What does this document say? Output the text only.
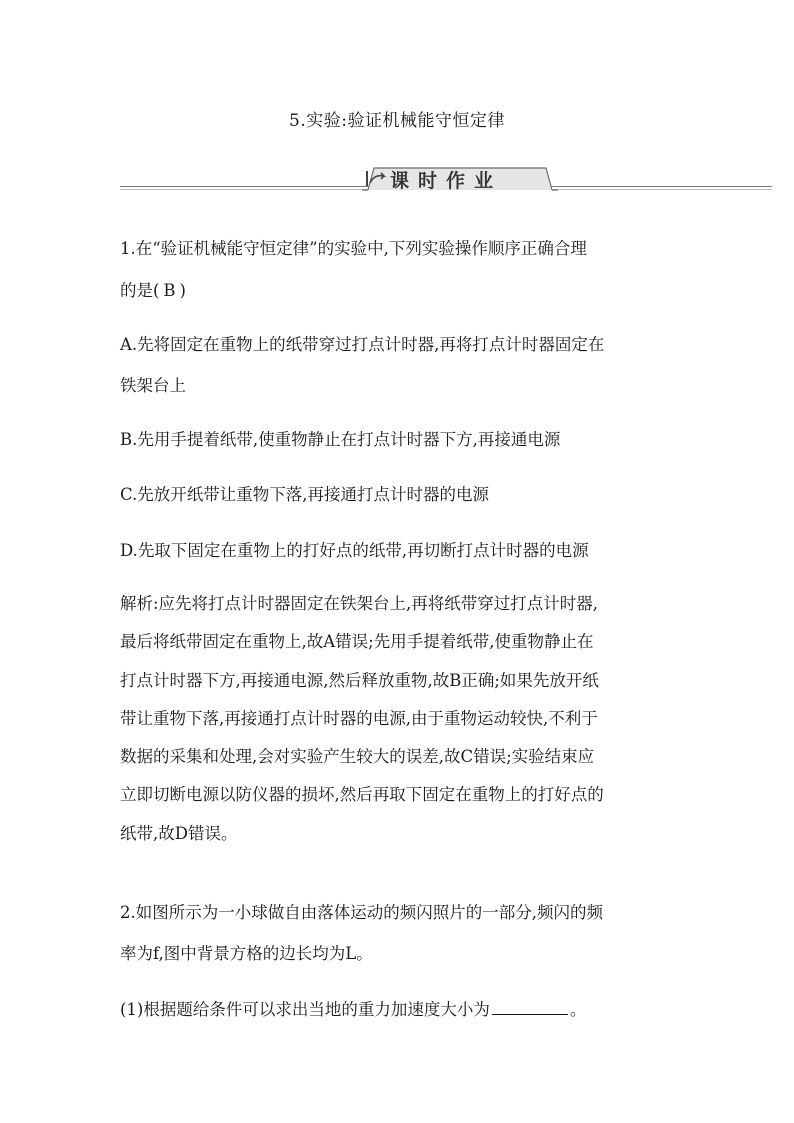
5.实验:验证机械能守恒定律
课时作业
1.在“验证机械能守恒定律”的实验中,下列实验操作顺序正确合理
的是( B )
A.先将固定在重物上的纸带穿过打点计时器,再将打点计时器固定在
铁架台上
B.先用手提着纸带,使重物静止在打点计时器下方,再接通电源
C.先放开纸带让重物下落,再接通打点计时器的电源
D.先取下固定在重物上的打好点的纸带,再切断打点计时器的电源
解析:应先将打点计时器固定在铁架台上,再将纸带穿过打点计时器,
最后将纸带固定在重物上,故A错误;先用手提着纸带,使重物静止在
打点计时器下方,再接通电源,然后释放重物,故B正确;如果先放开纸
带让重物下落,再接通打点计时器的电源,由于重物运动较快,不利于
数据的采集和处理,会对实验产生较大的误差,故C错误;实验结束应
立即切断电源以防仪器的损坏,然后再取下固定在重物上的打好点的
纸带,故D错误。
2.如图所示为一小球做自由落体运动的频闪照片的一部分,频闪的频
率为f,图中背景方格的边长均为L。
(1)根据题给条件可以求出当地的重力加速度大小为	。
